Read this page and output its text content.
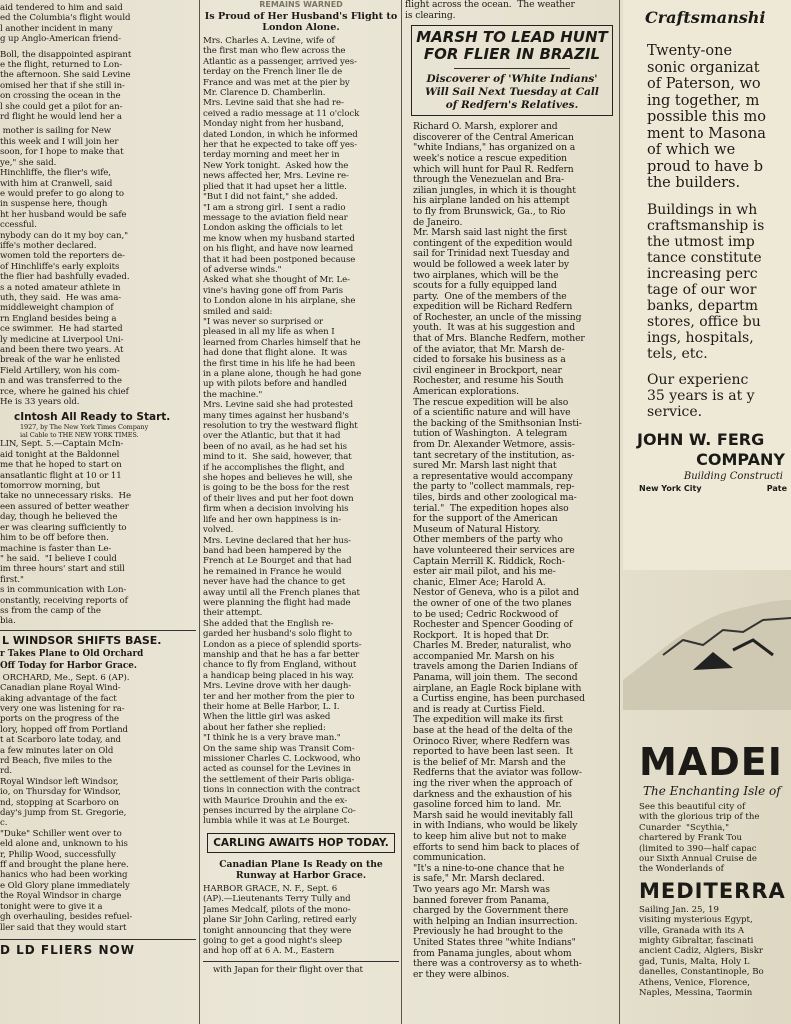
aid tendered to him and said

ed the Columbia's flight would

l another incident in many

g up Anglo-American friend-

Boll, the disappointed aspirant

e the flight, returned to Lon-

the afternoon. She said Levine

omised her that if she still in-

on crossing the ocean in the

l she could get a pilot for an-

rd flight he would lend her a

mother is sailing for New

this week and I will join her

soon, for I hope to make that

ye," she said.

Hinchliffe, the flier's wife,

with him at Cranwell, said

e would prefer to go along to

in suspense here, though

ht her husband would be safe

ccessful.

nybody can do it my boy can,"

iffe's mother declared.

women told the reporters de-

of Hinchliffe's early exploits

the flier had bashfully evaded.

s a noted amateur athlete in

uth, they said.  He was ama-

middleweight champion of

rn England besides being a

ce swimmer.  He had started

ly medicine at Liverpool Uni-

and been there two years. At

break of the war he enlisted

Field Artillery, won his com-

n and was transferred to the

rce, where he gained his chief

He is 33 years old.

cIntosh All Ready to Start.

1927, by The New York Times Company

ial Cable to THE NEW YORK TIMES.

LIN, Sept. 5.—Captain McIn-

aid tonight at the Baldonnel

me that he hoped to start on

ansatlantic flight at 10 or 11

tomorrow morning, but

take no unnecessary risks.  He

een assured of better weather

day, though he believed the

er was clearing sufficiently to

him to be off before then.

machine is faster than Le-

" he said.  "I believe I could

im three hours' start and still

first."

s in communication with Lon-

onstantly, receiving reports of

ss from the camp of the

bia.

L WINDSOR SHIFTS BASE.

r Takes Plane to Old Orchard

Off Today for Harbor Grace.

ORCHARD, Me., Sept. 6 (AP).

Canadian plane Royal Wind-

aking advantage of the fact

very one was listening for ra-

ports on the progress of the

lory, hopped off from Portland

t at Scarboro late today, and

a few minutes later on Old

rd Beach, five miles to the

rd.

Royal Windsor left Windsor,

io, on Thursday for Windsor,

nd, stopping at Scarboro on

day's jump from St. Gregorie,

c.

"Duke" Schiller went over to

eld alone and, unknown to his

r, Philip Wood, successfully

ff and brought the plane here.

hanics who had been working

e Old Glory plane immediately

the Royal Windsor in charge

tonight were to give it a

gh overhauling, besides refuel-

ller said that they would start

D LD FLIERS NOW

REMAINS WARNED

Is Proud of Her Husband's Flight to

London Alone.

Mrs. Charles A. Levine, wife of

the first man who flew across the

Atlantic as a passenger, arrived yes-

terday on the French liner Ile de

France and was met at the pier by

Mr. Clarence D. Chamberlin.

Mrs. Levine said that she had re-

ceived a radio message at 11 o'clock

Monday night from her husband,

dated London, in which he informed

her that he expected to take off yes-

terday morning and meet her in

New York tonight.  Asked how the

news affected her, Mrs. Levine re-

plied that it had upset her a little.

"But I did not faint," she added.

"I am a strong girl.  I sent a radio

message to the aviation field near

London asking the officials to let

me know when my husband started

on his flight, and have now learned

that it had been postponed because

of adverse winds."

Asked what she thought of Mr. Le-

vine's having gone off from Paris

to London alone in his airplane, she

smiled and said:

"I was never so surprised or

pleased in all my life as when I

learned from Charles himself that he

had done that flight alone.  It was

the first time in his life he had been

in a plane alone, though he had gone

up with pilots before and handled

the machine."

Mrs. Levine said she had protested

many times against her husband's

resolution to try the westward flight

over the Atlantic, but that it had

been of no avail, as he had set his

mind to it.  She said, however, that

if he accomplishes the flight, and

she hopes and believes he will, she

is going to be the boss for the rest

of their lives and put her foot down

firm when a decision involving his

life and her own happiness is in-

volved.

Mrs. Levine declared that her hus-

band had been hampered by the

French at Le Bourget and that had

he remained in France he would

never have had the chance to get

away until all the French planes that

were planning the flight had made

their attempt.

She added that the English re-

garded her husband's solo flight to

London as a piece of splendid sports-

manship and that he has a far better

chance to fly from England, without

a handicap being placed in his way.

Mrs. Levine drove with her daugh-

ter and her mother from the pier to

their home at Belle Harbor, L. I.

When the little girl was asked

about her father she replied:

"I think he is a very brave man."

On the same ship was Transit Com-

missioner Charles C. Lockwood, who

acted as counsel for the Levines in

the settlement of their Paris obliga-

tions in connection with the contract

with Maurice Drouhin and the ex-

penses incurred by the airplane Co-

lumbia while it was at Le Bourget.

CARLING AWAITS HOP TODAY.

Canadian Plane Is Ready on the

Runway at Harbor Grace.

HARBOR GRACE, N. F., Sept. 6

(AP).—Lieutenants Terry Tully and

James Medcalf, pilots of the mono-

plane Sir John Carling, retired early

tonight announcing that they were

going to get a good night's sleep

and hop off at 6 A. M., Eastern

with Japan for their flight over that

flight across the ocean.  The weather

is clearing.

MARSH TO LEAD HUNT

FOR FLIER IN BRAZIL

Discoverer of 'White Indians'

Will Sail Next Tuesday at Call

of Redfern's Relatives.

Richard O. Marsh, explorer and

discoverer of the Central American

"white Indians," has organized on a

week's notice a rescue expedition

which will hunt for Paul R. Redfern

through the Venezuelan and Bra-

zilian jungles, in which it is thought

his airplane landed on his attempt

to fly from Brunswick, Ga., to Rio

de Janeiro.

Mr. Marsh said last night the first

contingent of the expedition would

sail for Trinidad next Tuesday and

would be followed a week later by

two airplanes, which will be the

scouts for a fully equipped land

party.  One of the members of the

expedition will be Richard Redfern

of Rochester, an uncle of the missing

youth.  It was at his suggestion and

that of Mrs. Blanche Redfern, mother

of the aviator, that Mr. Marsh de-

cided to forsake his business as a

civil engineer in Brockport, near

Rochester, and resume his South

American explorations.

The rescue expedition will be also

of a scientific nature and will have

the backing of the Smithsonian Insti-

tution of Washington.  A telegram

from Dr. Alexander Wetmore, assis-

tant secretary of the institution, as-

sured Mr. Marsh last night that

a representative would accompany

the party to "collect mammals, rep-

tiles, birds and other zoological ma-

terial."  The expedition hopes also

for the support of the American

Museum of Natural History.

Other members of the party who

have volunteered their services are

Captain Merrill K. Riddick, Roch-

ester air mail pilot, and his me-

chanic, Elmer Ace; Harold A.

Nestor of Geneva, who is a pilot and

the owner of one of the two planes

to be used; Cedric Rockwood of

Rochester and Spencer Gooding of

Rockport.  It is hoped that Dr.

Charles M. Breder, naturalist, who

accompanied Mr. Marsh on his

travels among the Darien Indians of

Panama, will join them.  The second

airplane, an Eagle Rock biplane with

a Curtiss engine, has been purchased

and is ready at Curtiss Field.

The expedition will make its first

base at the head of the delta of the

Orinoco River, where Redfern was

reported to have been last seen.  It

is the belief of Mr. Marsh and the

Redferns that the aviator was follow-

ing the river when the approach of

darkness and the exhaustion of his

gasoline forced him to land.  Mr.

Marsh said he would inevitably fall

in with Indians, who would be likely

to keep him alive but not to make

efforts to send him back to places of

communication.

"It's a nine-to-one chance that he

is safe," Mr. Marsh declared.

Two years ago Mr. Marsh was

banned forever from Panama,

charged by the Government there

with helping an Indian insurrection.

Previously he had brought to the

United States three "white Indians"

from Panama jungles, about whom

there was a controversy as to wheth-

er they were albinos.

Craftsmanshi

Twenty-one

sonic organizat

of Paterson, wo

ing together, m

possible this mo

ment to Masona

of which we

proud to have b

the builders.

Buildings in wh

craftsmanship is

the utmost imp

tance constitute

increasing perc

tage of our wor

banks, departm

stores, office bu

ings, hospitals,

tels, etc.

Our experienc

35 years is at y

service.

JOHN W. FERG

COMPANY

Building Constructi

New York City	Pate

MADEI

The Enchanting Isle of

See this beautiful city of

with the glorious trip of the

Cunarder  "Scythia,"

chartered by Frank Tou

(limited to 390—half capac

our Sixth Annual Cruise de

the Wonderlands of

MEDITERRA

Sailing Jan. 25, 19

visiting mysterious Egypt,

ville, Granada with its A

mighty Gibraltar, fascinati

ancient Cadiz, Algiers, Biskr

gad, Tunis, Malta, Holy L

danelles, Constantinople, Bo

Athens, Venice, Florence,

Naples, Messina, Taormin
